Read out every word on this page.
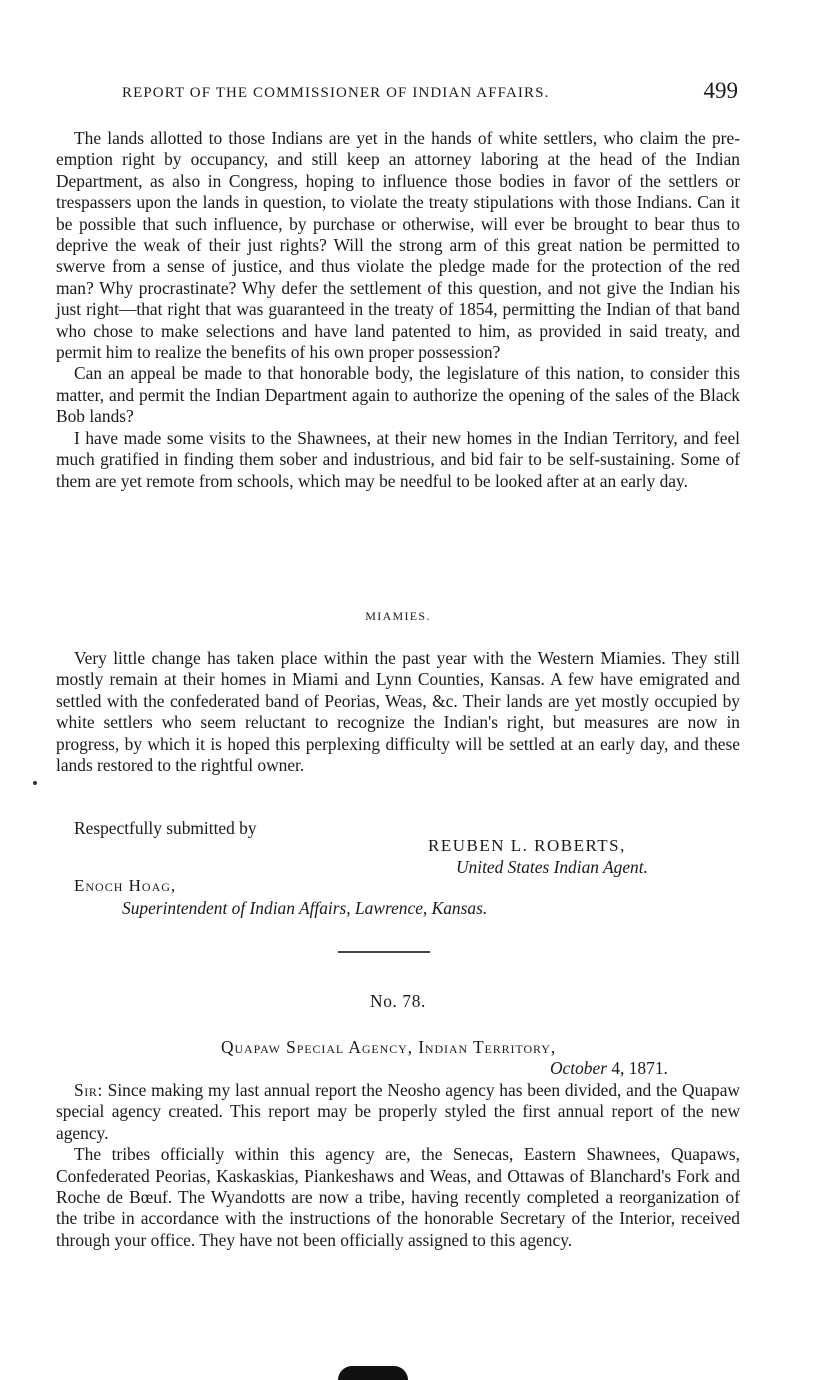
REPORT OF THE COMMISSIONER OF INDIAN AFFAIRS.	499

The lands allotted to those Indians are yet in the hands of white settlers, who claim the pre-emption right by occupancy, and still keep an attorney laboring at the head of the Indian Department, as also in Congress, hoping to influence those bodies in favor of the settlers or trespassers upon the lands in question, to violate the treaty stipulations with those Indians. Can it be possible that such influence, by purchase or otherwise, will ever be brought to bear thus to deprive the weak of their just rights? Will the strong arm of this great nation be permitted to swerve from a sense of justice, and thus violate the pledge made for the protection of the red man? Why procrastinate? Why defer the settlement of this question, and not give the Indian his just right—that right that was guaranteed in the treaty of 1854, permitting the Indian of that band who chose to make selections and have land patented to him, as provided in said treaty, and permit him to realize the benefits of his own proper possession?

Can an appeal be made to that honorable body, the legislature of this nation, to consider this matter, and permit the Indian Department again to authorize the opening of the sales of the Black Bob lands?

I have made some visits to the Shawnees, at their new homes in the Indian Territory, and feel much gratified in finding them sober and industrious, and bid fair to be self-sustaining. Some of them are yet remote from schools, which may be needful to be looked after at an early day.

MIAMIES.

Very little change has taken place within the past year with the Western Miamies. They still mostly remain at their homes in Miami and Lynn Counties, Kansas. A few have emigrated and settled with the confederated band of Peorias, Weas, &c. Their lands are yet mostly occupied by white settlers who seem reluctant to recognize the Indian's right, but measures are now in progress, by which it is hoped this perplexing difficulty will be settled at an early day, and these lands restored to the rightful owner.

Respectfully submitted by
REUBEN L. ROBERTS,
United States Indian Agent.
Enoch Hoag,
Superintendent of Indian Affairs, Lawrence, Kansas.
No. 78.
Quapaw Special Agency, Indian Territory,
October 4, 1871.

Sir: Since making my last annual report the Neosho agency has been divided, and the Quapaw special agency created. This report may be properly styled the first annual report of the new agency.

The tribes officially within this agency are, the Senecas, Eastern Shawnees, Quapaws, Confederated Peorias, Kaskaskias, Piankeshaws and Weas, and Ottawas of Blanchard's Fork and Roche de Bœuf. The Wyandotts are now a tribe, having recently completed a reorganization of the tribe in accordance with the instructions of the honorable Secretary of the Interior, received through your office. They have not been officially assigned to this agency.
